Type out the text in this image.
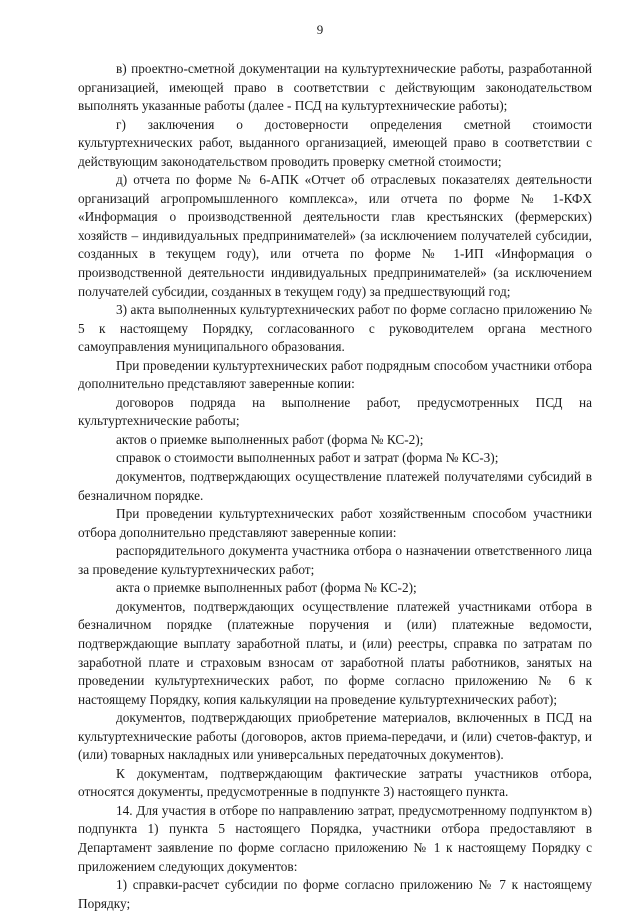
9

в) проектно-сметной документации на культуртехнические работы, разработанной организацией, имеющей право в соответствии с действующим законодательством выполнять указанные работы (далее - ПСД на культуртехнические работы);

г) заключения о достоверности определения сметной стоимости культуртехнических работ, выданного организацией, имеющей право в соответствии с действующим законодательством проводить проверку сметной стоимости;

д) отчета по форме № 6-АПК «Отчет об отраслевых показателях деятельности организаций агропромышленного комплекса», или отчета по форме № 1-КФХ «Информация о производственной деятельности глав крестьянских (фермерских) хозяйств – индивидуальных предпринимателей» (за исключением получателей субсидии, созданных в текущем году), или отчета по форме № 1-ИП «Информация о производственной деятельности индивидуальных предпринимателей» (за исключением получателей субсидии, созданных в текущем году) за предшествующий год;

3) акта выполненных культуртехнических работ по форме согласно приложению № 5 к настоящему Порядку, согласованного с руководителем органа местного самоуправления муниципального образования.

При проведении культуртехнических работ подрядным способом участники отбора дополнительно представляют заверенные копии:

договоров подряда на выполнение работ, предусмотренных ПСД на культуртехнические работы;

актов о приемке выполненных работ (форма № КС-2);

справок о стоимости выполненных работ и затрат (форма № КС-3);

документов, подтверждающих осуществление платежей получателями субсидий в безналичном порядке.

При проведении культуртехнических работ хозяйственным способом участники отбора дополнительно представляют заверенные копии:

распорядительного документа участника отбора о назначении ответственного лица за проведение культуртехнических работ;

акта о приемке выполненных работ (форма № КС-2);

документов, подтверждающих осуществление платежей участниками отбора в безналичном порядке (платежные поручения и (или) платежные ведомости, подтверждающие выплату заработной платы, и (или) реестры, справка по затратам по заработной плате и страховым взносам от заработной платы работников, занятых на проведении культуртехнических работ, по форме согласно приложению № 6 к настоящему Порядку, копия калькуляции на проведение культуртехнических работ);

документов, подтверждающих приобретение материалов, включенных в ПСД на культуртехнические работы (договоров, актов приема-передачи, и (или) счетов-фактур, и (или) товарных накладных или универсальных передаточных документов).

К документам, подтверждающим фактические затраты участников отбора, относятся документы, предусмотренные в подпункте 3) настоящего пункта.

14. Для участия в отборе по направлению затрат, предусмотренному подпунктом в) подпункта 1) пункта 5 настоящего Порядка, участники отбора предоставляют в Департамент заявление по форме согласно приложению № 1 к настоящему Порядку с приложением следующих документов:

1) справки-расчет субсидии по форме согласно приложению № 7 к настоящему Порядку;
